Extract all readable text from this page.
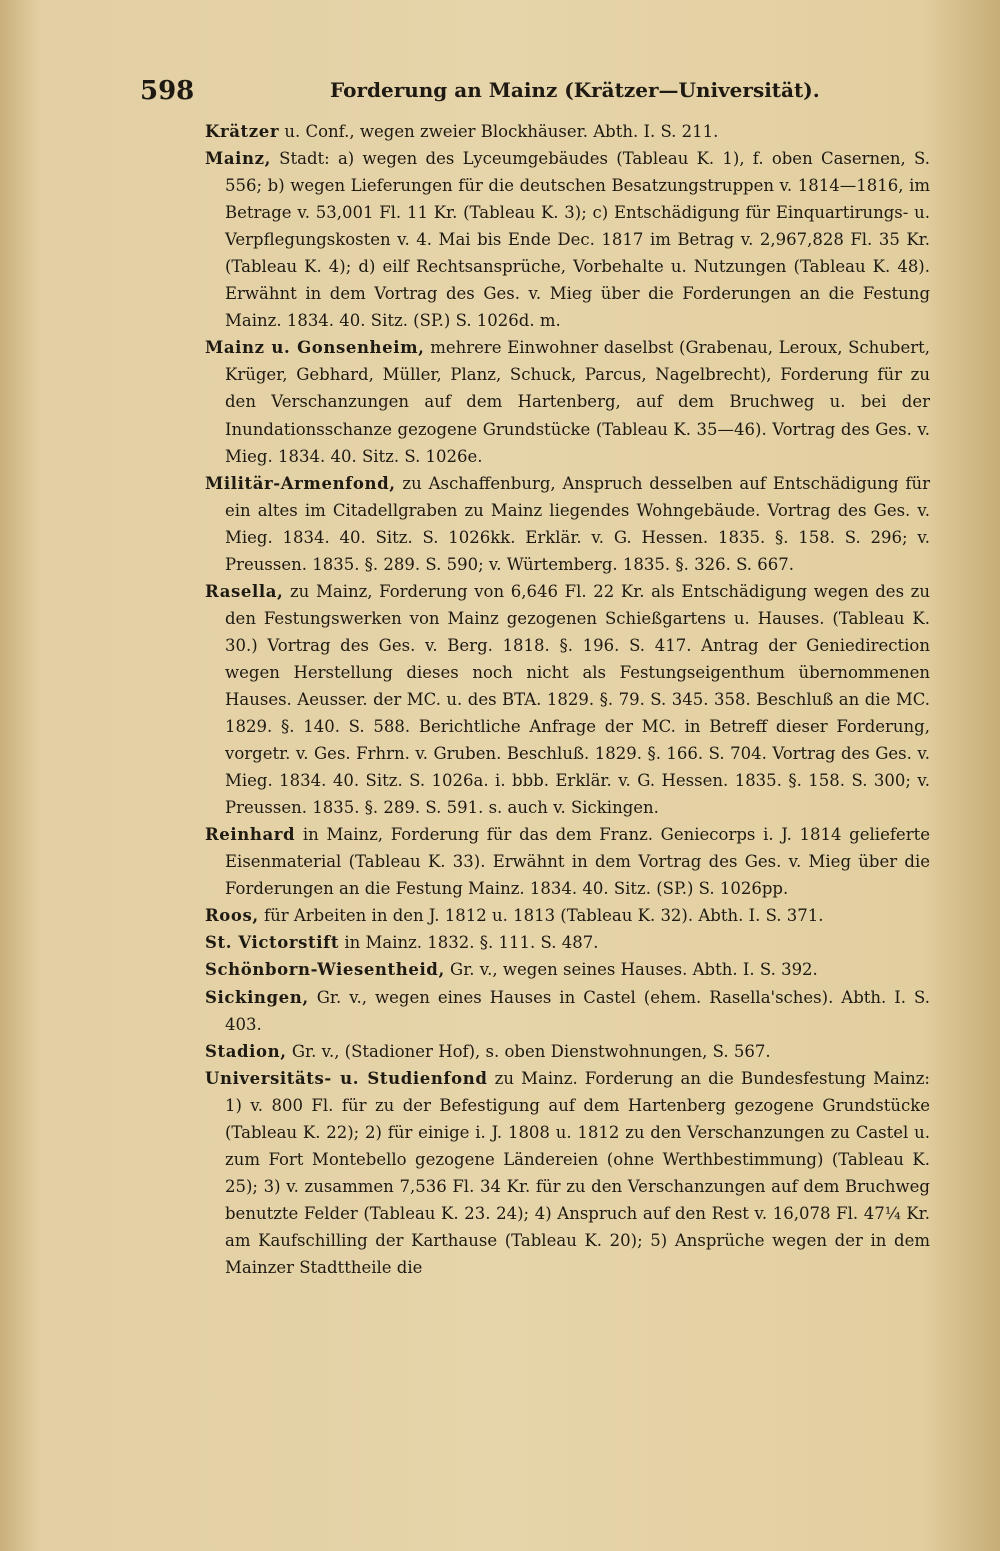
598	Forderung an Mainz (Krätzer—Universität).

Krätzer u. Conf., wegen zweier Blockhäuser. Abth. I. S. 211.

Mainz, Stadt: a) wegen des Lyceumgebäudes (Tableau K. 1), f. oben Casernen, S. 556; b) wegen Lieferungen für die deutschen Besatzungstruppen v. 1814—1816, im Betrage v. 53,001 Fl. 11 Kr. (Tableau K. 3); c) Entschädigung für Einquartirungs- u. Verpflegungskosten v. 4. Mai bis Ende Dec. 1817 im Betrag v. 2,967,828 Fl. 35 Kr. (Tableau K. 4); d) eilf Rechtsansprüche, Vorbehalte u. Nutzungen (Tableau K. 48). Erwähnt in dem Vortrag des Ges. v. Mieg über die Forderungen an die Festung Mainz. 1834. 40. Sitz. (SP.) S. 1026d. m.

Mainz u. Gonsenheim, mehrere Einwohner daselbst (Grabenau, Leroux, Schubert, Krüger, Gebhard, Müller, Planz, Schuck, Parcus, Nagelbrecht), Forderung für zu den Verschanzungen auf dem Hartenberg, auf dem Bruchweg u. bei der Inundationsschanze gezogene Grundstücke (Tableau K. 35—46). Vortrag des Ges. v. Mieg. 1834. 40. Sitz. S. 1026e.

Militär-Armenfond, zu Aschaffenburg, Anspruch desselben auf Entschädigung für ein altes im Citadellgraben zu Mainz liegendes Wohngebäude. Vortrag des Ges. v. Mieg. 1834. 40. Sitz. S. 1026kk. Erklär. v. G. Hessen. 1835. §. 158. S. 296; v. Preussen. 1835. §. 289. S. 590; v. Würtemberg. 1835. §. 326. S. 667.

Rasella, zu Mainz, Forderung von 6,646 Fl. 22 Kr. als Entschädigung wegen des zu den Festungswerken von Mainz gezogenen Schießgartens u. Hauses. (Tableau K. 30.) Vortrag des Ges. v. Berg. 1818. §. 196. S. 417. Antrag der Geniedirection wegen Herstellung dieses noch nicht als Festungseigenthum übernommenen Hauses. Aeusser. der MC. u. des BTA. 1829. §. 79. S. 345. 358. Beschluß an die MC. 1829. §. 140. S. 588. Berichtliche Anfrage der MC. in Betreff dieser Forderung, vorgetr. v. Ges. Frhrn. v. Gruben. Beschluß. 1829. §. 166. S. 704. Vortrag des Ges. v. Mieg. 1834. 40. Sitz. S. 1026a. i. bbb. Erklär. v. G. Hessen. 1835. §. 158. S. 300; v. Preussen. 1835. §. 289. S. 591. s. auch v. Sickingen.

Reinhard in Mainz, Forderung für das dem Franz. Geniecorps i. J. 1814 gelieferte Eisenmaterial (Tableau K. 33). Erwähnt in dem Vortrag des Ges. v. Mieg über die Forderungen an die Festung Mainz. 1834. 40. Sitz. (SP.) S. 1026pp.

Roos, für Arbeiten in den J. 1812 u. 1813 (Tableau K. 32). Abth. I. S. 371.

St. Victorstift in Mainz. 1832. §. 111. S. 487.

Schönborn-Wiesentheid, Gr. v., wegen seines Hauses. Abth. I. S. 392.

Sickingen, Gr. v., wegen eines Hauses in Castel (ehem. Rasella'sches). Abth. I. S. 403.

Stadion, Gr. v., (Stadioner Hof), s. oben Dienstwohnungen, S. 567.

Universitäts- u. Studienfond zu Mainz. Forderung an die Bundesfestung Mainz: 1) v. 800 Fl. für zu der Befestigung auf dem Hartenberg gezogene Grundstücke (Tableau K. 22); 2) für einige i. J. 1808 u. 1812 zu den Verschanzungen zu Castel u. zum Fort Montebello gezogene Ländereien (ohne Werthbestimmung) (Tableau K. 25); 3) v. zusammen 7,536 Fl. 34 Kr. für zu den Verschanzungen auf dem Bruchweg benutzte Felder (Tableau K. 23. 24); 4) Anspruch auf den Rest v. 16,078 Fl. 47¼ Kr. am Kaufschilling der Karthause (Tableau K. 20); 5) Ansprüche wegen der in dem Mainzer Stadttheile die
